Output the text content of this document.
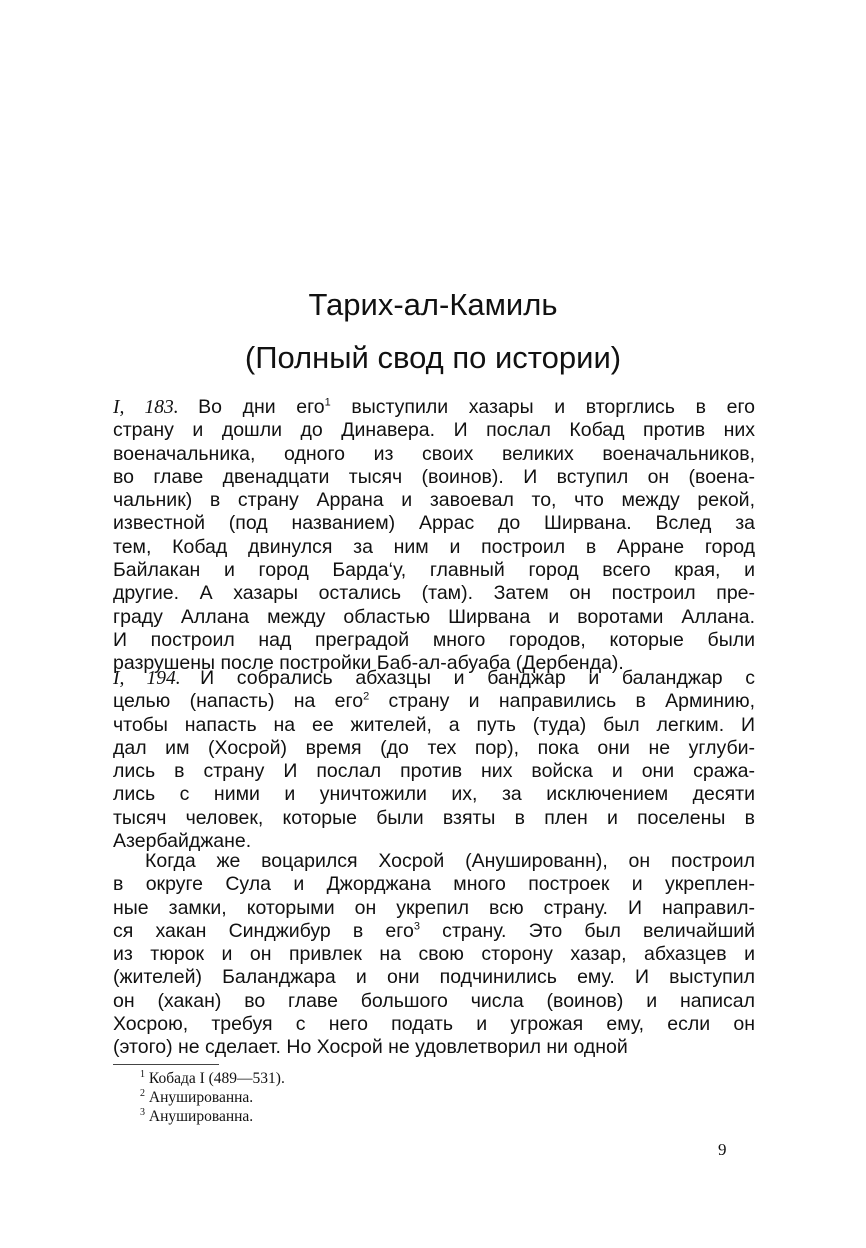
Тарих-ал-Камиль
(Полный свод по истории)
I, 183. Во дни его$^1$ выступили хазары и вторглись в его
страну и дошли до Динавера. И послал Кобад против них
военачальника, одного из своих великих военачальников,
во главе двенадцати тысяч (воинов). И вступил он (военa-
чальник) в страну Аррана и завоевал то, что между рекой,
известной (под названием) Аррас до Ширвана. Вслед за
тем, Кобад двинулся за ним и построил в Арране город
Байлакан и город Барда‘у, главный город всего края, и
другие. А хазары остались (там). Затем он построил пре-
граду Аллана между областью Ширвана и воротами Аллана.
И построил над преградой много городов, которые были
разрушены после постройки Баб-ал-абуаба (Дербенда).
I, 194. И собрались абхазцы и банджар и баланджар с
целью (напасть) на его$^2$ страну и направились в Арминию,
чтобы напасть на ее жителей, а путь (туда) был легким. И
дал им (Хосрой) время (до тех пор), пока они не углуби-
лись в страну И послал против них войска и они сража-
лись с ними и уничтожили их, за исключением десяти
тысяч человек, которые были взяты в плен и поселены в
Азербайджане.
Когда же воцарился Хосрой (Анушированн), он построил
в округе Сула и Джорджана много построек и укреплен-
ные замки, которыми он укрепил всю страну. И направил-
ся хакан Синджибур в его$^3$ страну. Это был величайший
из тюрок и он привлек на свою сторону хазар, абхазцев и
(жителей) Баланджара и они подчинились ему. И выступил
он (хакан) во главе большого числа (воинов) и написал
Хосрою, требуя с него подать и угрожая ему, если он
(этого) не сделает. Но Хосрой не удовлетворил ни одной
$^1$ Кобада I (489—531).
$^2$ Анушированна.
$^3$ Анушированна.
9
